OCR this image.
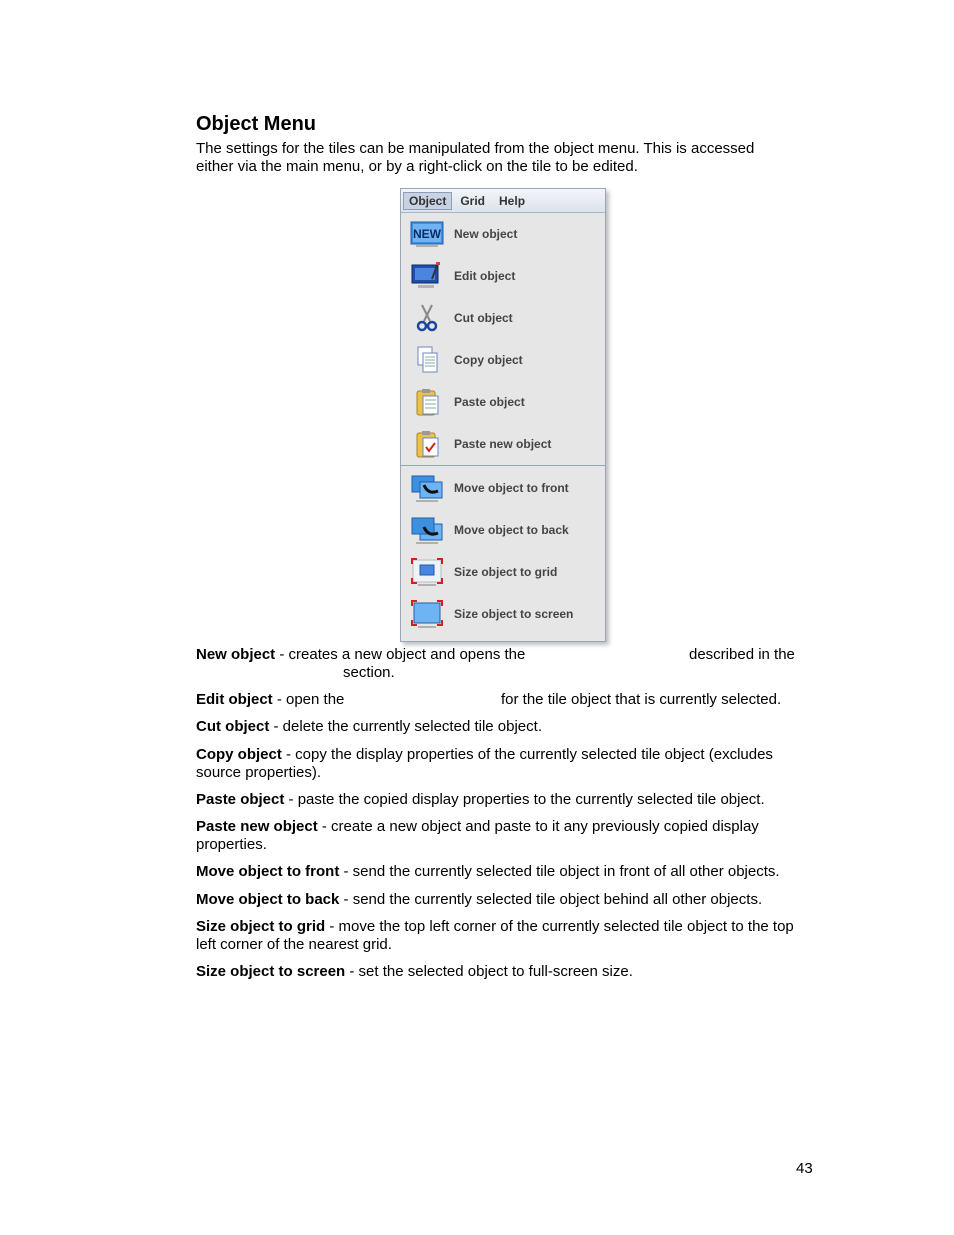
Object Menu
The settings for the tiles can be manipulated from the object menu. This is accessed either via the main menu, or by a right-click on the tile to be edited.
Object	Grid	Help
NEW New object
Edit object
Cut object
Copy object
Paste object
Paste new object
Move object to front
Move object to back
Size object to grid
Size object to screen
New object - creates a new object and opens the	described in the
section.
Edit object - open the	for the tile object that is currently selected.
Cut object - delete the currently selected tile object.
Copy object - copy the display properties of the currently selected tile object (excludes source properties).
Paste object - paste the copied display properties to the currently selected tile object.
Paste new object - create a new object and paste to it any previously copied display properties.
Move object to front - send the currently selected tile object in front of all other objects.
Move object to back - send the currently selected tile object behind all other objects.
Size object to grid - move the top left corner of the currently selected tile object to the top left corner of the nearest grid.
Size object to screen - set the selected object to full-screen size.
43
